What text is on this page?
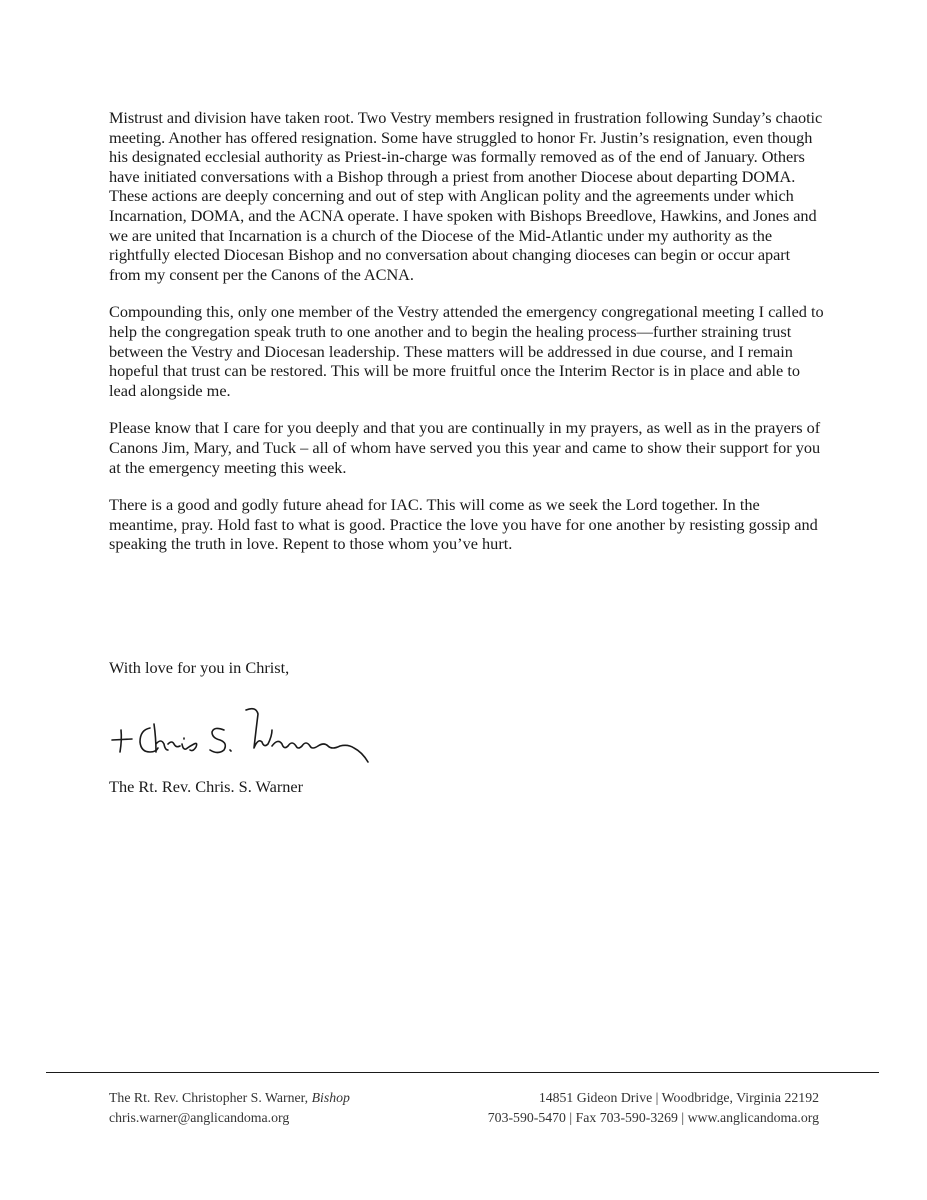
Mistrust and division have taken root. Two Vestry members resigned in frustration following Sunday’s chaotic meeting. Another has offered resignation. Some have struggled to honor Fr. Justin’s resignation, even though his designated ecclesial authority as Priest-in-charge was formally removed as of the end of January. Others have initiated conversations with a Bishop through a priest from another Diocese about departing DOMA. These actions are deeply concerning and out of step with Anglican polity and the agreements under which Incarnation, DOMA, and the ACNA operate. I have spoken with Bishops Breedlove, Hawkins, and Jones and we are united that Incarnation is a church of the Diocese of the Mid-Atlantic under my authority as the rightfully elected Diocesan Bishop and no conversation about changing dioceses can begin or occur apart from my consent per the Canons of the ACNA.

Compounding this, only one member of the Vestry attended the emergency congregational meeting I called to help the congregation speak truth to one another and to begin the healing process—further straining trust between the Vestry and Diocesan leadership. These matters will be addressed in due course, and I remain hopeful that trust can be restored. This will be more fruitful once the Interim Rector is in place and able to lead alongside me.

Please know that I care for you deeply and that you are continually in my prayers, as well as in the prayers of Canons Jim, Mary, and Tuck – all of whom have served you this year and came to show their support for you at the emergency meeting this week.

There is a good and godly future ahead for IAC. This will come as we seek the Lord together. In the meantime, pray. Hold fast to what is good. Practice the love you have for one another by resisting gossip and speaking the truth in love. Repent to those whom you’ve hurt.

With love for you in Christ,
The Rt. Rev. Chris. S. Warner
The Rt. Rev. Christopher S. Warner, Bishop	14851 Gideon Drive | Woodbridge, Virginia 22192
chris.warner@anglicandoma.org	703-590-5470 | Fax 703-590-3269 | www.anglicandoma.org
